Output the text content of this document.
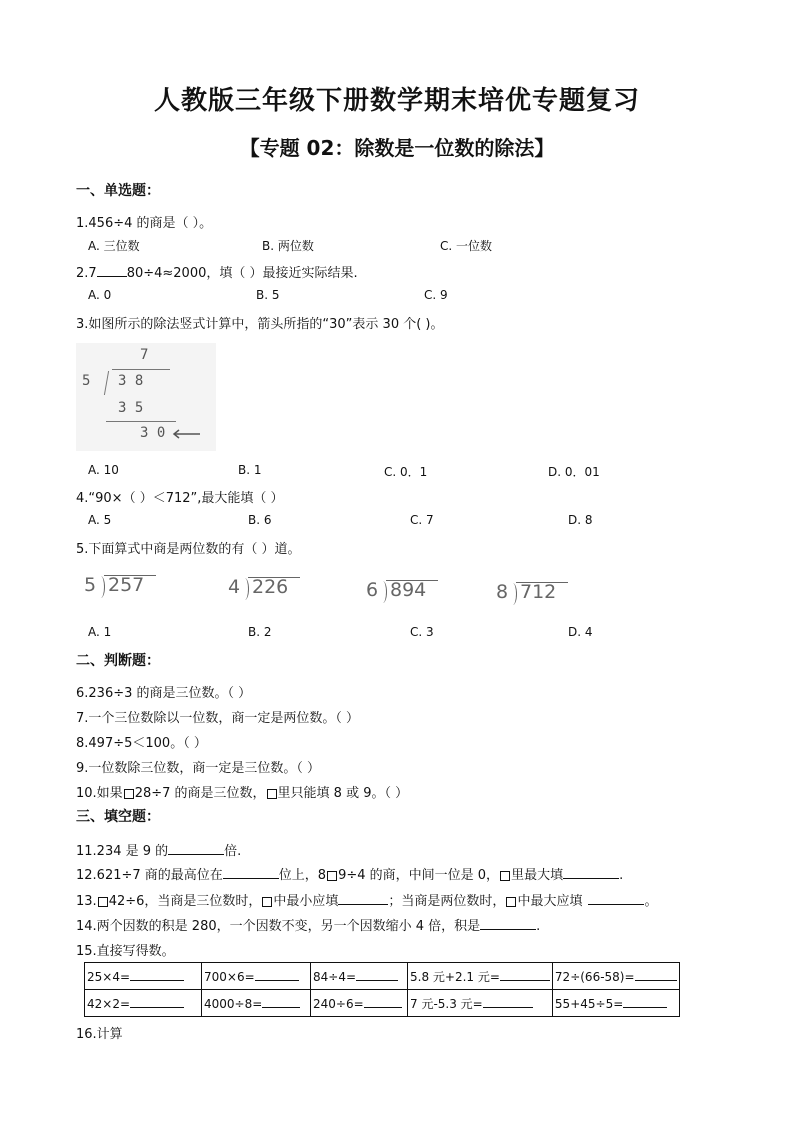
人教版三年级下册数学期末培优专题复习
【专题 02：除数是一位数的除法】
一、单选题：
1.456÷4 的商是（ ）。
A. 三位数	B. 两位数	C. 一位数
2.7 80÷4≈2000，填（ ）最接近实际结果.
A. 0	B. 5	C. 9
3.如图所示的除法竖式计算中，箭头所指的“30”表示 30 个( )。
7
5 3 8
3 5
3 0
A. 10	B. 1	C. 0．1	D. 0．01
4.“90×（ ）＜712”,最大能填（ ）
A. 5	B. 6	C. 7	D. 8
5.下面算式中商是两位数的有（ ）道。
5 257	4 226	6 894	8 712
A. 1	B. 2	C. 3	D. 4
二、判断题：
6.236÷3 的商是三位数。（ ）
7.一个三位数除以一位数，商一定是两位数。（ ）
8.497÷5＜100。（ ）
9.一位数除三位数，商一定是三位数。（ ）
10.如果 28÷7 的商是三位数， 里只能填 8 或 9。（ ）
三、填空题：
11.234 是 9 的	倍.
12.621÷7 商的最高位在	位上，8 9÷4 的商，中间一位是 0， 里最大填	.
13. 42÷6，当商是三位数时， 中最小应填	；当商是两位数时， 中最大应填	。
14.两个因数的积是 280，一个因数不变，另一个因数缩小 4 倍，积是	.
15.直接写得数。
25×4=	700×6=	84÷4=	5.8 元+2.1 元=	72÷(66-58)=
42×2=	4000÷8=	240÷6=	7 元-5.3 元=	55+45÷5=
16.计算
